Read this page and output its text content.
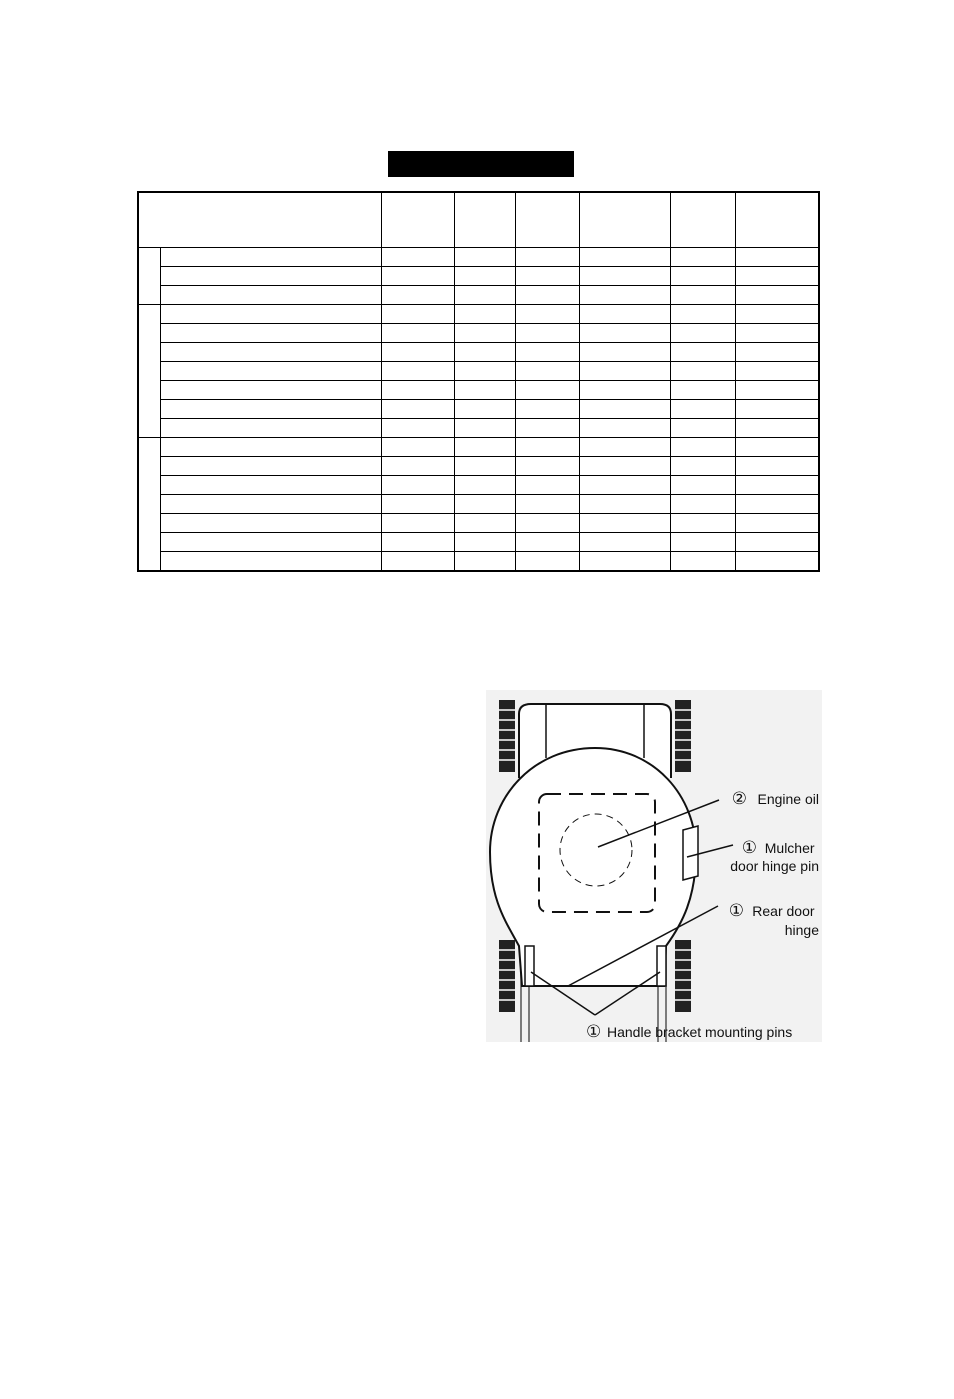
② Engine oil
① Mulcher door hinge pin
① Rear door hinge
① Handle bracket mounting pins
